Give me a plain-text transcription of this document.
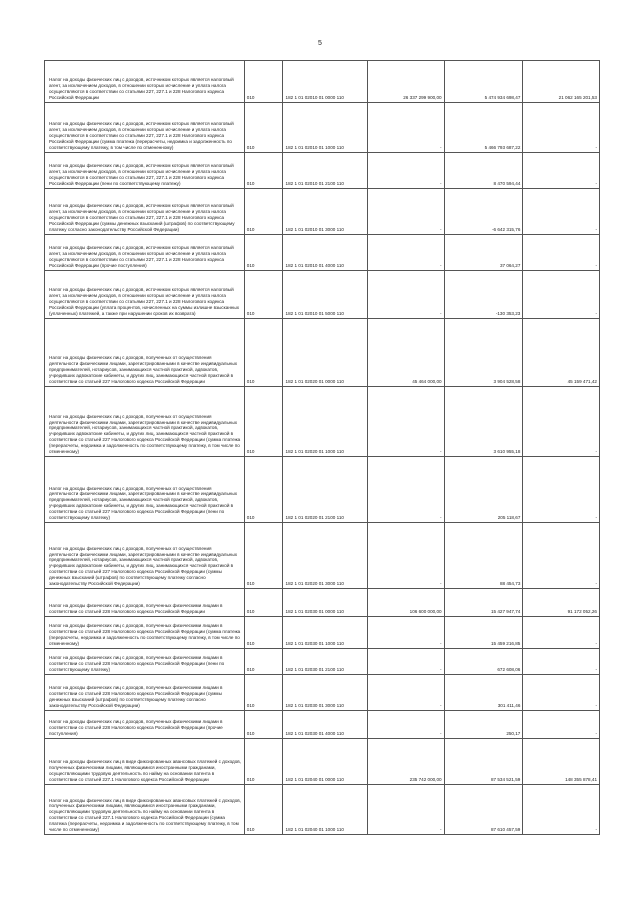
5
Налог на доходы физических лиц с доходов, источником которых является налоговый агент, за исключением доходов, в отношении которых исчисление и уплата налога осуществляются в соответствии со статьями 227, 227.1 и 228 Налогового кодекса Российской Федерации	010	182 1 01 02010 01 0000 110	26 337 299 900,00	5 474 934 698,47	21 062 165 201,53

Налог на доходы физических лиц с доходов, источником которых является налоговый агент, за исключением доходов, в отношении которых исчисление и уплата налога осуществляются в соответствии со статьями 227, 227.1 и 228 Налогового кодекса Российской Федерации (сумма платежа (перерасчеты, недоимка и задолженность по соответствующему платежу, в том числе по отмененному)	010	182 1 01 02010 01 1000 110	-	5 466 793 687,22	-

Налог на доходы физических лиц с доходов, источником которых является налоговый агент, за исключением доходов, в отношении которых исчисление и уплата налога осуществляются в соответствии со статьями 227, 227.1 и 228 Налогового кодекса Российской Федерации (пени по соответствующему платежу)	010	182 1 01 02010 01 2100 110	-	8 470 594,44	-

Налог на доходы физических лиц с доходов, источником которых является налоговый агент, за исключением доходов, в отношении которых исчисление и уплата налога осуществляются в соответствии со статьями 227, 227.1 и 228 Налогового кодекса Российской Федерации (суммы денежных взысканий (штрафов) по соответствующему платежу согласно законодательству Российской Федерации)	010	182 1 01 02010 01 3000 110	-	-6 642 315,76	-

Налог на доходы физических лиц с доходов, источником которых является налоговый агент, за исключением доходов, в отношении которых исчисление и уплата налога осуществляются в соответствии со статьями 227, 227.1 и 228 Налогового кодекса Российской Федерации (прочие поступления)	010	182 1 01 02010 01 4000 110	-	37 064,27	-

Налог на доходы физических лиц с доходов, источником которых является налоговый агент, за исключением доходов, в отношении которых исчисление и уплата налога осуществляются в соответствии со статьями 227, 227.1 и 228 Налогового кодекса Российской Федерации (уплата процентов, начисленных на суммы излишне взысканных (уплаченных) платежей, а также при нарушении сроков их возврата)	010	182 1 01 02010 01 5000 110	-	-130 353,23	-

Налог на доходы физических лиц с доходов, полученных от осуществления деятельности физическими лицами, зарегистрированными в качестве индивидуальных предпринимателей, нотариусов, занимающихся частной практикой, адвокатов, учредивших адвокатские кабинеты, и других лиц, занимающихся частной практикой в соответствии со статьей 227 Налогового кодекса Российской Федерации	010	182 1 01 02020 01 0000 110	45 464 000,00	3 904 528,58	45 159 471,42

Налог на доходы физических лиц с доходов, полученных от осуществления деятельности физическими лицами, зарегистрированными в качестве индивидуальных предпринимателей, нотариусов, занимающихся частной практикой, адвокатов, учредивших адвокатские кабинеты, и других лиц, занимающихся частной практикой в соответствии со статьей 227 Налогового кодекса Российской Федерации (сумма платежа (перерасчеты, недоимка и задолженность по соответствующему платежу, в том числе по отмененному)	010	182 1 01 02020 01 1000 110	-	3 610 955,18	-

Налог на доходы физических лиц с доходов, полученных от осуществления деятельности физическими лицами, зарегистрированными в качестве индивидуальных предпринимателей, нотариусов, занимающихся частной практикой, адвокатов, учредивших адвокатские кабинеты, и других лиц, занимающихся частной практикой в соответствии со статьей 227 Налогового кодекса Российской Федерации (пени по соответствующему платежу)	010	182 1 01 02020 01 2100 110	-	205 118,67	-

Налог на доходы физических лиц с доходов, полученных от осуществления деятельности физическими лицами, зарегистрированными в качестве индивидуальных предпринимателей, нотариусов, занимающихся частной практикой, адвокатов, учредивших адвокатские кабинеты, и других лиц, занимающихся частной практикой в соответствии со статьей 227 Налогового кодекса Российской Федерации (суммы денежных взысканий (штрафов) по соответствующему платежу согласно законодательству Российской Федерации)	010	182 1 01 02020 01 3000 110	-	88 454,73	-

Налог на доходы физических лиц с доходов, полученных физическими лицами в соответствии со статьей 228 Налогового кодекса Российской Федерации	010	182 1 01 02030 01 0000 110	106 600 000,00	15 427 947,74	91 172 052,26

Налог на доходы физических лиц с доходов, полученных физическими лицами в соответствии со статьей 228 Налогового кодекса Российской Федерации (сумма платежа (перерасчеты, недоимка и задолженность по соответствующему платежу, в том числе по отмененному)	010	182 1 01 02030 01 1000 110	-	15 459 216,85	-

Налог на доходы физических лиц с доходов, полученных физическими лицами в соответствии со статьей 228 Налогового кодекса Российской Федерации (пени по соответствующему платежу)	010	182 1 01 02030 01 2100 110	-	672 608,06	-

Налог на доходы физических лиц с доходов, полученных физическими лицами в соответствии со статьей 228 Налогового кодекса Российской Федерации (суммы денежных взысканий (штрафов) по соответствующему платежу согласно законодательству Российской Федерации)	010	182 1 01 02030 01 3000 110	-	301 411,46	-

Налог на доходы физических лиц с доходов, полученных физическими лицами в соответствии со статьей 228 Налогового кодекса Российской Федерации (прочие поступления)	010	182 1 01 02030 01 4000 110	-	250,17	-

Налог на доходы физических лиц в виде фиксированных авансовых платежей с доходов, полученных физическими лицами, являющимися иностранными гражданами, осуществляющими трудовую деятельность по найму на основании патента в соответствии со статьей 227.1 Налогового кодекса Российской Федерации	010	182 1 01 02040 01 0000 110	235 742 000,00	87 534 521,59	148 355 878,41

Налог на доходы физических лиц в виде фиксированных авансовых платежей с доходов, полученных физическими лицами, являющимися иностранными гражданами, осуществляющими трудовую деятельность по найму на основании патента в соответствии со статьей 227.1 Налогового кодекса Российской Федерации (сумма платежа (перерасчеты, недоимка и задолженность по соответствующему платежу, в том числе по отмененному)	010	182 1 01 02040 01 1000 110	-	87 610 457,59	-
